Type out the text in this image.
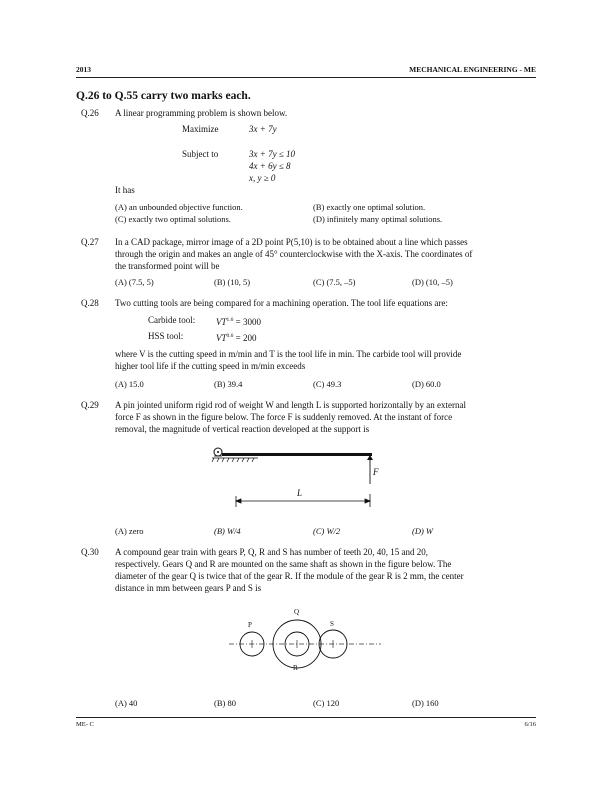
2013	MECHANICAL ENGINEERING - ME
Q.26 to Q.55 carry two marks each.
Q.26 A linear programming problem is shown below.
Maximize	3x + 7y
Subject to	3x + 7y ≤ 10
4x + 6y ≤ 8
x, y ≥ 0
It has
(A) an unbounded objective function.	(B) exactly one optimal solution.
(C) exactly two optimal solutions.	(D) infinitely many optimal solutions.
Q.27 In a CAD package, mirror image of a 2D point P(5,10) is to be obtained about a line which passes
through the origin and makes an angle of 45° counterclockwise with the X-axis. The coordinates of
the transformed point will be
(A) (7.5, 5)	(B) (10, 5)	(C) (7.5, –5)	(D) (10, –5)
Q.28 Two cutting tools are being compared for a machining operation. The tool life equations are:
Carbide tool: $VT^{1.6} = 3000$
HSS tool:	$VT^{0.6} = 200$
where V is the cutting speed in m/min and T is the tool life in min. The carbide tool will provide
higher tool life if the cutting speed in m/min exceeds
(A) 15.0	(B) 39.4	(C) 49.3	(D) 60.0
Q.29 A pin jointed uniform rigid rod of weight W and length L is supported horizontally by an external
force F as shown in the figure below. The force F is suddenly removed. At the instant of force
removal, the magnitude of vertical reaction developed at the support is
F
L
(A) zero	(B) W/4	(C) W/2	(D) W
Q.30 A compound gear train with gears P, Q, R and S has number of teeth 20, 40, 15 and 20,
respectively. Gears Q and R are mounted on the same shaft as shown in the figure below. The
diameter of the gear Q is twice that of the gear R. If the module of the gear R is 2 mm, the center
distance in mm between gears P and S is
P
Q
R
S
(A) 40	(B) 80	(C) 120	(D) 160
ME- C	6/16
